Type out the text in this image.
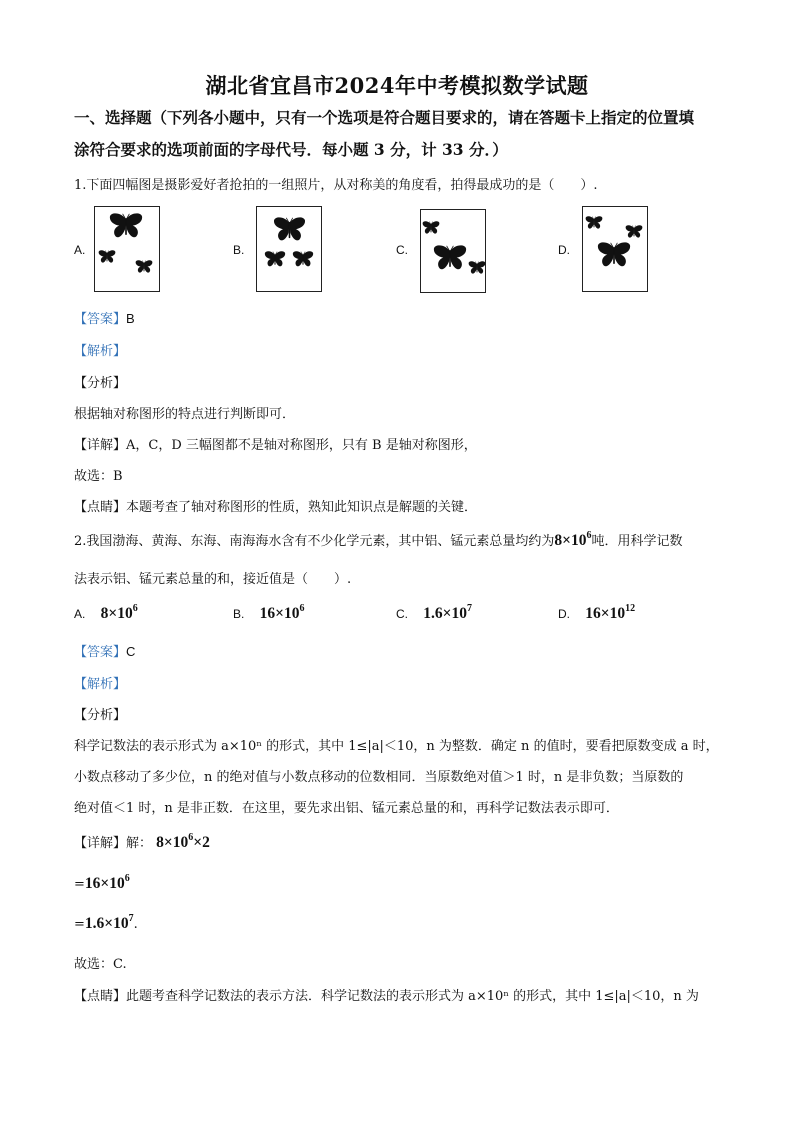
湖北省宜昌市2024年中考模拟数学试题
一、选择题（下列各小题中，只有一个选项是符合题目要求的，请在答题卡上指定的位置填
涂符合要求的选项前面的字母代号．每小题 3 分，计 33 分．）
1.下面四幅图是摄影爱好者抢拍的一组照片，从对称美的角度看，拍得最成功的是（　　）.
A.	B.	C.	D.
【答案】B
【解析】
【分析】
根据轴对称图形的特点进行判断即可．
【详解】A，C，D 三幅图都不是轴对称图形，只有 B 是轴对称图形，
故选：B
【点睛】本题考查了轴对称图形的性质，熟知此知识点是解题的关键．
2.我国渤海、黄海、东海、南海海水含有不少化学元素，其中铝、锰元素总量均约为$8\times 10^6$吨．用科学记数
法表示铝、锰元素总量的和，接近值是（　　）.
A. $8\times 10^6$	B. $16\times 10^6$	C. $1.6\times 10^7$	D. $16\times 10^{12}$
【答案】C
【解析】
【分析】
科学记数法的表示形式为 a×10ⁿ 的形式，其中 1≤|a|＜10，n 为整数．确定 n 的值时，要看把原数变成 a 时，
小数点移动了多少位，n 的绝对值与小数点移动的位数相同．当原数绝对值＞1 时，n 是非负数；当原数的
绝对值＜1 时，n 是非正数．在这里，要先求出铝、锰元素总量的和，再科学记数法表示即可．
【详解】解： $8\times 10^6\times 2$
$=16\times 10^6$
$=1.6\times 10^7$.
故选：C.
【点睛】此题考查科学记数法的表示方法．科学记数法的表示形式为 a×10ⁿ 的形式，其中 1≤|a|＜10，n 为
